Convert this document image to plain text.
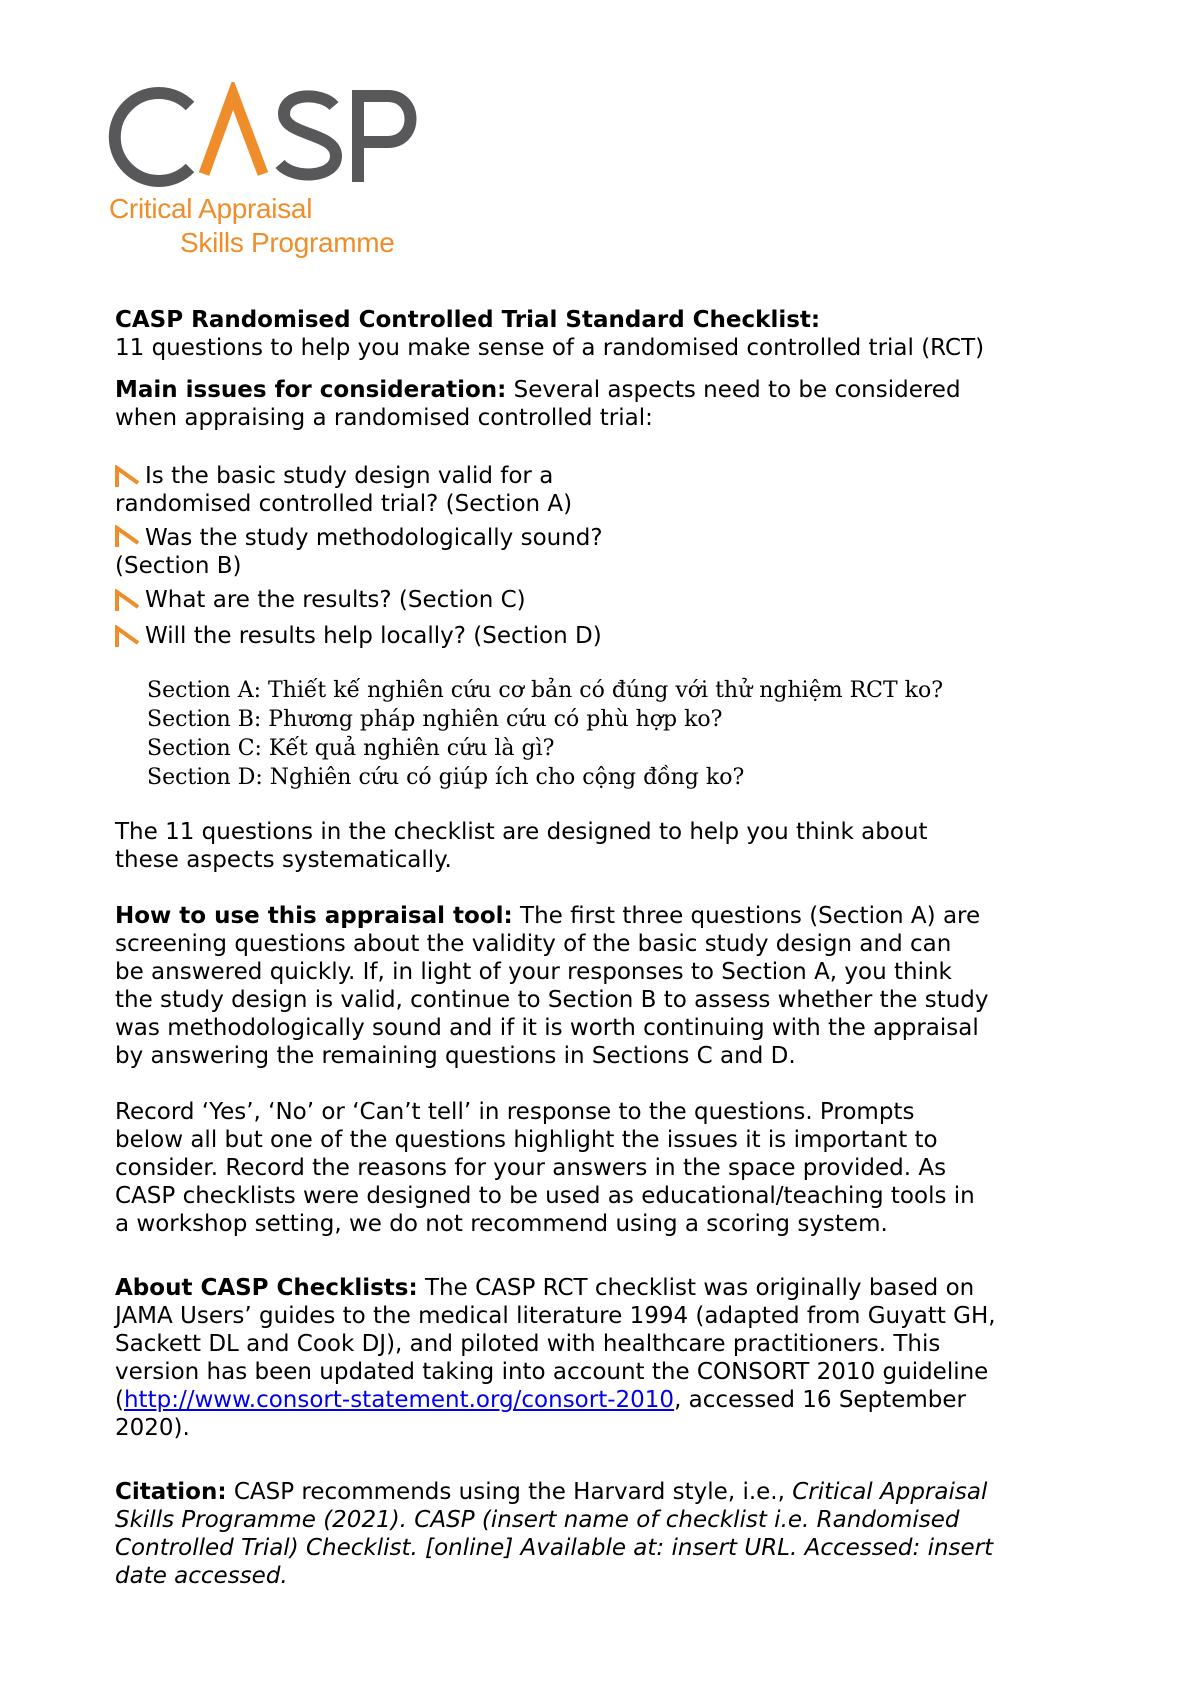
Critical Appraisal
Skills Programme

CASP Randomised Controlled Trial Standard Checklist:

11 questions to help you make sense of a randomised controlled trial (RCT)

Main issues for consideration: Several aspects need to be considered
when appraising a randomised controlled trial:

Is the basic study design valid for a

randomised controlled trial? (Section A)

Was the study methodologically sound?

(Section B)

What are the results? (Section C)
Will the results help locally? (Section D)

Section A: Thiết kế nghiên cứu cơ bản có đúng với thử nghiệm RCT ko?

Section B: Phương pháp nghiên cứu có phù hợp ko?

Section C: Kết quả nghiên cứu là gì?

Section D: Nghiên cứu có giúp ích cho cộng đồng ko?

The 11 questions in the checklist are designed to help you think about
these aspects systematically.

How to use this appraisal tool: The first three questions (Section A) are
screening questions about the validity of the basic study design and can
be answered quickly. If, in light of your responses to Section A, you think
the study design is valid, continue to Section B to assess whether the study
was methodologically sound and if it is worth continuing with the appraisal
by answering the remaining questions in Sections C and D.

Record ‘Yes’, ‘No’ or ‘Can’t tell’ in response to the questions. Prompts
below all but one of the questions highlight the issues it is important to
consider. Record the reasons for your answers in the space provided. As
CASP checklists were designed to be used as educational/teaching tools in
a workshop setting, we do not recommend using a scoring system.

About CASP Checklists: The CASP RCT checklist was originally based on
JAMA Users’ guides to the medical literature 1994 (adapted from Guyatt GH,
Sackett DL and Cook DJ), and piloted with healthcare practitioners. This
version has been updated taking into account the CONSORT 2010 guideline
(http://www.consort-statement.org/consort-2010, accessed 16 September
2020).

Citation: CASP recommends using the Harvard style, i.e., Critical Appraisal
Skills Programme (2021). CASP (insert name of checklist i.e. Randomised
Controlled Trial) Checklist. [online] Available at: insert URL. Accessed: insert
date accessed.
